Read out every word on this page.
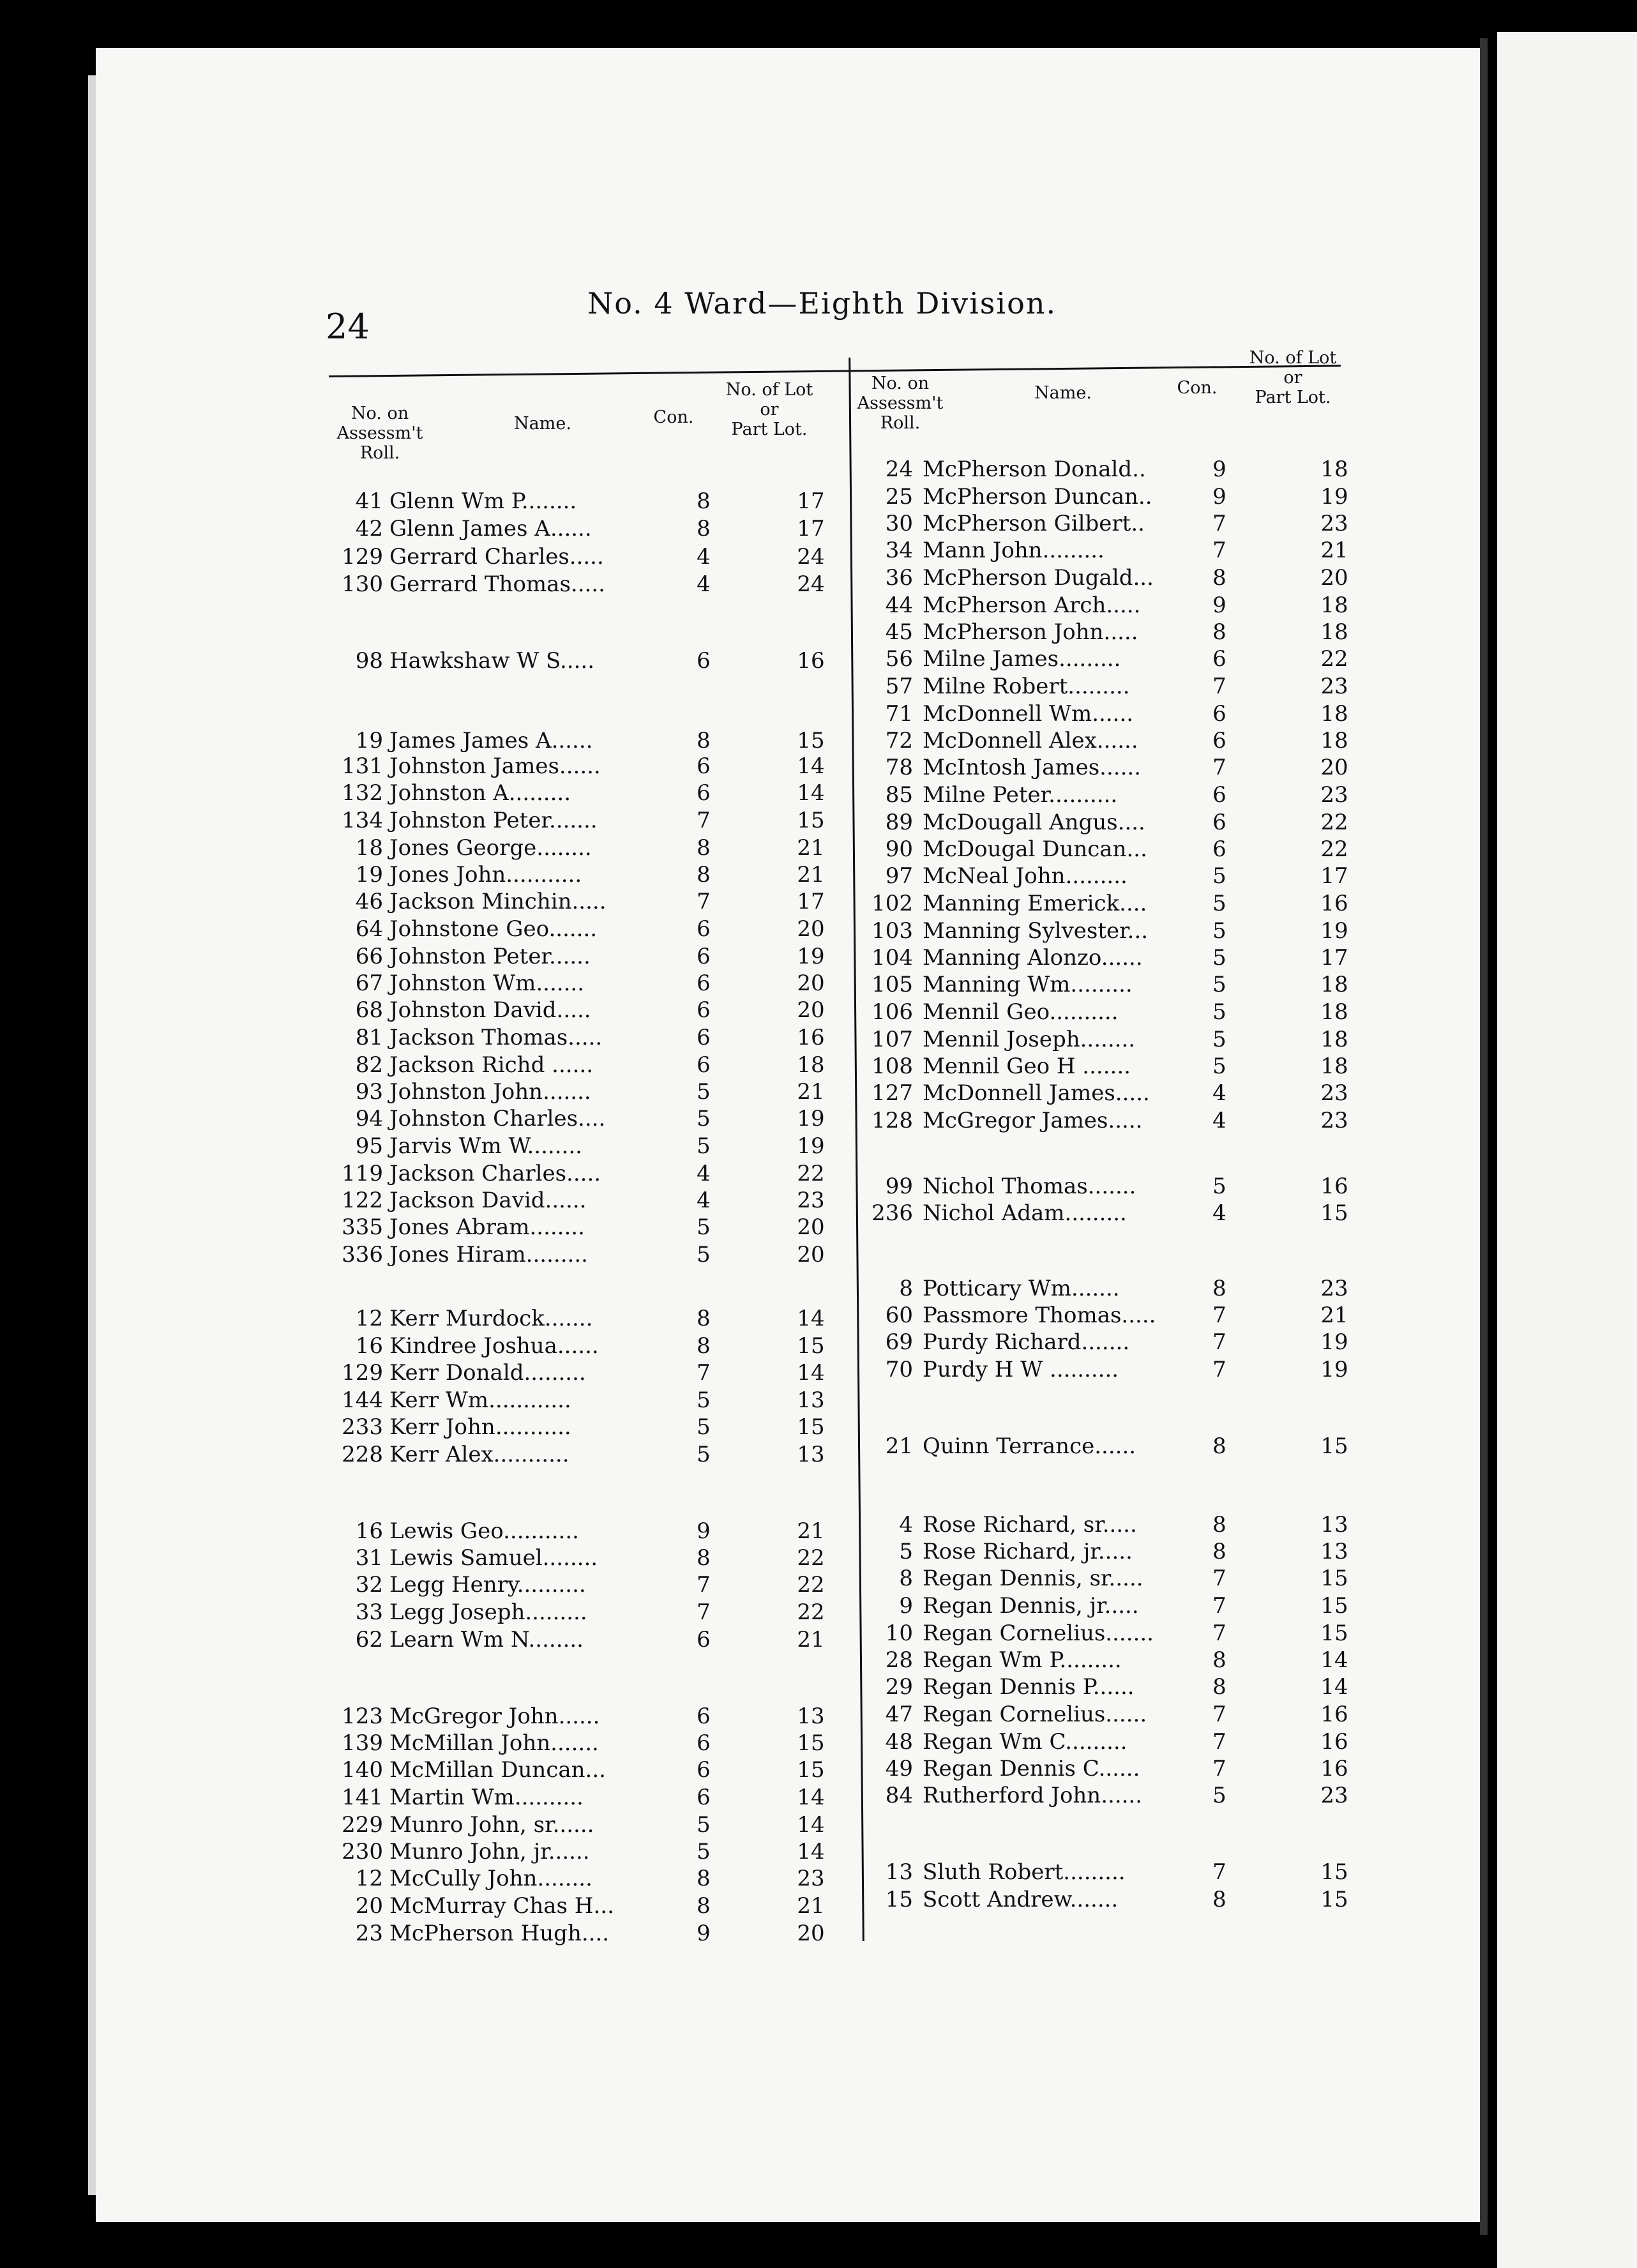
24
No. 4 Ward—Eighth Division.
No. on
Assessm't
Roll.
Name.	Con.
No. of Lot
or
Part Lot.
No. on
Assessm't
Roll.
Name.	Con.
No. of Lot
or
Part Lot.
41 Glenn Wm P........	8	17
42 Glenn James A......	8	17
129 Gerrard Charles.....	4	24
130 Gerrard Thomas.....	4	24
98 Hawkshaw W S.....	6	16
19 James James A......	8	15
131 Johnston James......	6	14
132 Johnston A.........	6	14
134 Johnston Peter.......	7	15
18 Jones George........	8	21
19 Jones John...........	8	21
46 Jackson Minchin.....	7	17
64 Johnstone Geo.......	6	20
66 Johnston Peter......	6	19
67 Johnston Wm.......	6	20
68 Johnston David.....	6	20
81 Jackson Thomas.....	6	16
82 Jackson Richd ......	6	18
93 Johnston John.......	5	21
94 Johnston Charles....	5	19
95 Jarvis Wm W........	5	19
119 Jackson Charles.....	4	22
122 Jackson David......	4	23
335 Jones Abram........	5	20
336 Jones Hiram.........	5	20
12 Kerr Murdock.......	8	14
16 Kindree Joshua......	8	15
129 Kerr Donald.........	7	14
144 Kerr Wm............	5	13
233 Kerr John...........	5	15
228 Kerr Alex...........	5	13
16 Lewis Geo...........	9	21
31 Lewis Samuel........	8	22
32 Legg Henry..........	7	22
33 Legg Joseph.........	7	22
62 Learn Wm N........	6	21
123 McGregor John......	6	13
139 McMillan John.......	6	15
140 McMillan Duncan...	6	15
141 Martin Wm..........	6	14
229 Munro John, sr......	5	14
230 Munro John, jr......	5	14
12 McCully John........	8	23
20 McMurray Chas H...	8	21
23 McPherson Hugh....	9	20
24 McPherson Donald..	9	18
25 McPherson Duncan..	9	19
30 McPherson Gilbert..	7	23
34 Mann John.........	7	21
36 McPherson Dugald...	8	20
44 McPherson Arch.....	9	18
45 McPherson John.....	8	18
56 Milne James.........	6	22
57 Milne Robert.........	7	23
71 McDonnell Wm......	6	18
72 McDonnell Alex......	6	18
78 McIntosh James......	7	20
85 Milne Peter..........	6	23
89 McDougall Angus....	6	22
90 McDougal Duncan...	6	22
97 McNeal John.........	5	17
102 Manning Emerick....	5	16
103 Manning Sylvester...	5	19
104 Manning Alonzo......	5	17
105 Manning Wm.........	5	18
106 Mennil Geo..........	5	18
107 Mennil Joseph........	5	18
108 Mennil Geo H .......	5	18
127 McDonnell James.....	4	23
128 McGregor James.....	4	23
99 Nichol Thomas.......	5	16
236 Nichol Adam.........	4	15
8 Potticary Wm.......	8	23
60 Passmore Thomas.....	7	21
69 Purdy Richard.......	7	19
70 Purdy H W ..........	7	19
21 Quinn Terrance......	8	15
4 Rose Richard, sr.....	8	13
5 Rose Richard, jr.....	8	13
8 Regan Dennis, sr.....	7	15
9 Regan Dennis, jr.....	7	15
10 Regan Cornelius.......	7	15
28 Regan Wm P.........	8	14
29 Regan Dennis P......	8	14
47 Regan Cornelius......	7	16
48 Regan Wm C.........	7	16
49 Regan Dennis C......	7	16
84 Rutherford John......	5	23
13 Sluth Robert.........	7	15
15 Scott Andrew.......	8	15
